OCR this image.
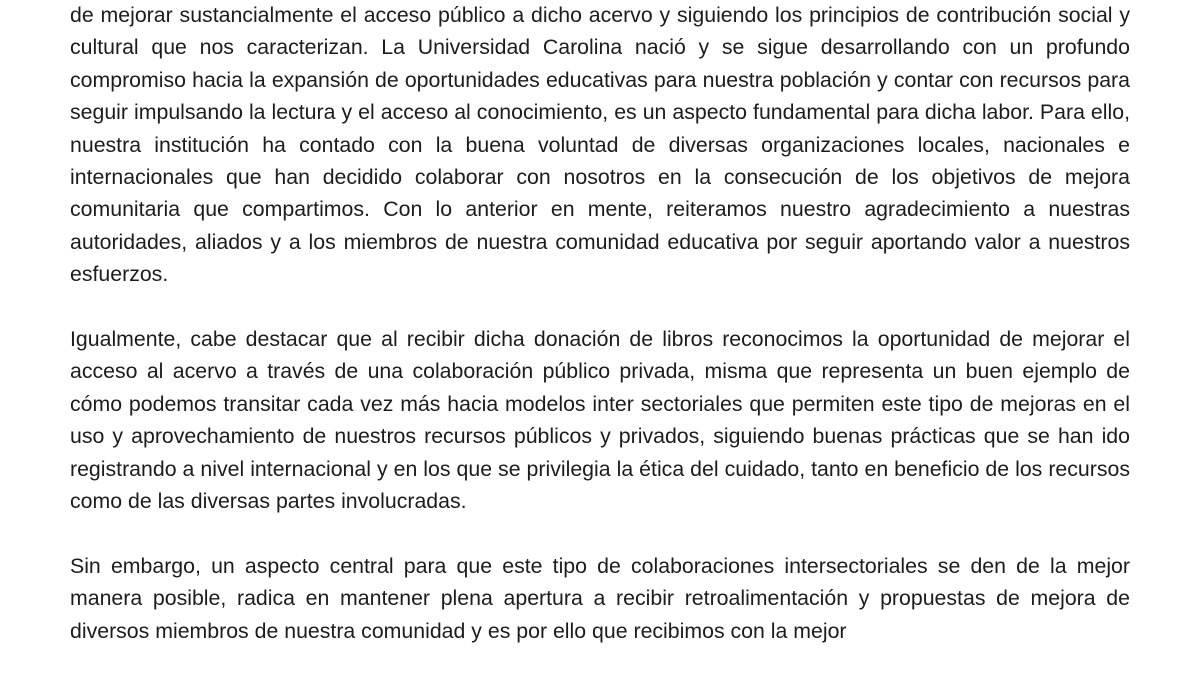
de mejorar sustancialmente el acceso público a dicho acervo y siguiendo los principios de contribución social y cultural que nos caracterizan. La Universidad Carolina nació y se sigue desarrollando con un profundo compromiso hacia la expansión de oportunidades educativas para nuestra población y contar con recursos para seguir impulsando la lectura y el acceso al conocimiento, es un aspecto fundamental para dicha labor. Para ello, nuestra institución ha contado con la buena voluntad de diversas organizaciones locales, nacionales e internacionales que han decidido colaborar con nosotros en la consecución de los objetivos de mejora comunitaria que compartimos. Con lo anterior en mente, reiteramos nuestro agradecimiento a nuestras autoridades, aliados y a los miembros de nuestra comunidad educativa por seguir aportando valor a nuestros esfuerzos.

Igualmente, cabe destacar que al recibir dicha donación de libros reconocimos la oportunidad de mejorar el acceso al acervo a través de una colaboración público privada, misma que representa un buen ejemplo de cómo podemos transitar cada vez más hacia modelos inter sectoriales que permiten este tipo de mejoras en el uso y aprovechamiento de nuestros recursos públicos y privados, siguiendo buenas prácticas que se han ido registrando a nivel internacional y en los que se privilegia la ética del cuidado, tanto en beneficio de los recursos como de las diversas partes involucradas.

Sin embargo, un aspecto central para que este tipo de colaboraciones intersectoriales se den de la mejor manera posible, radica en mantener plena apertura a recibir retroalimentación y propuestas de mejora de diversos miembros de nuestra comunidad y es por ello que recibimos con la mejor
